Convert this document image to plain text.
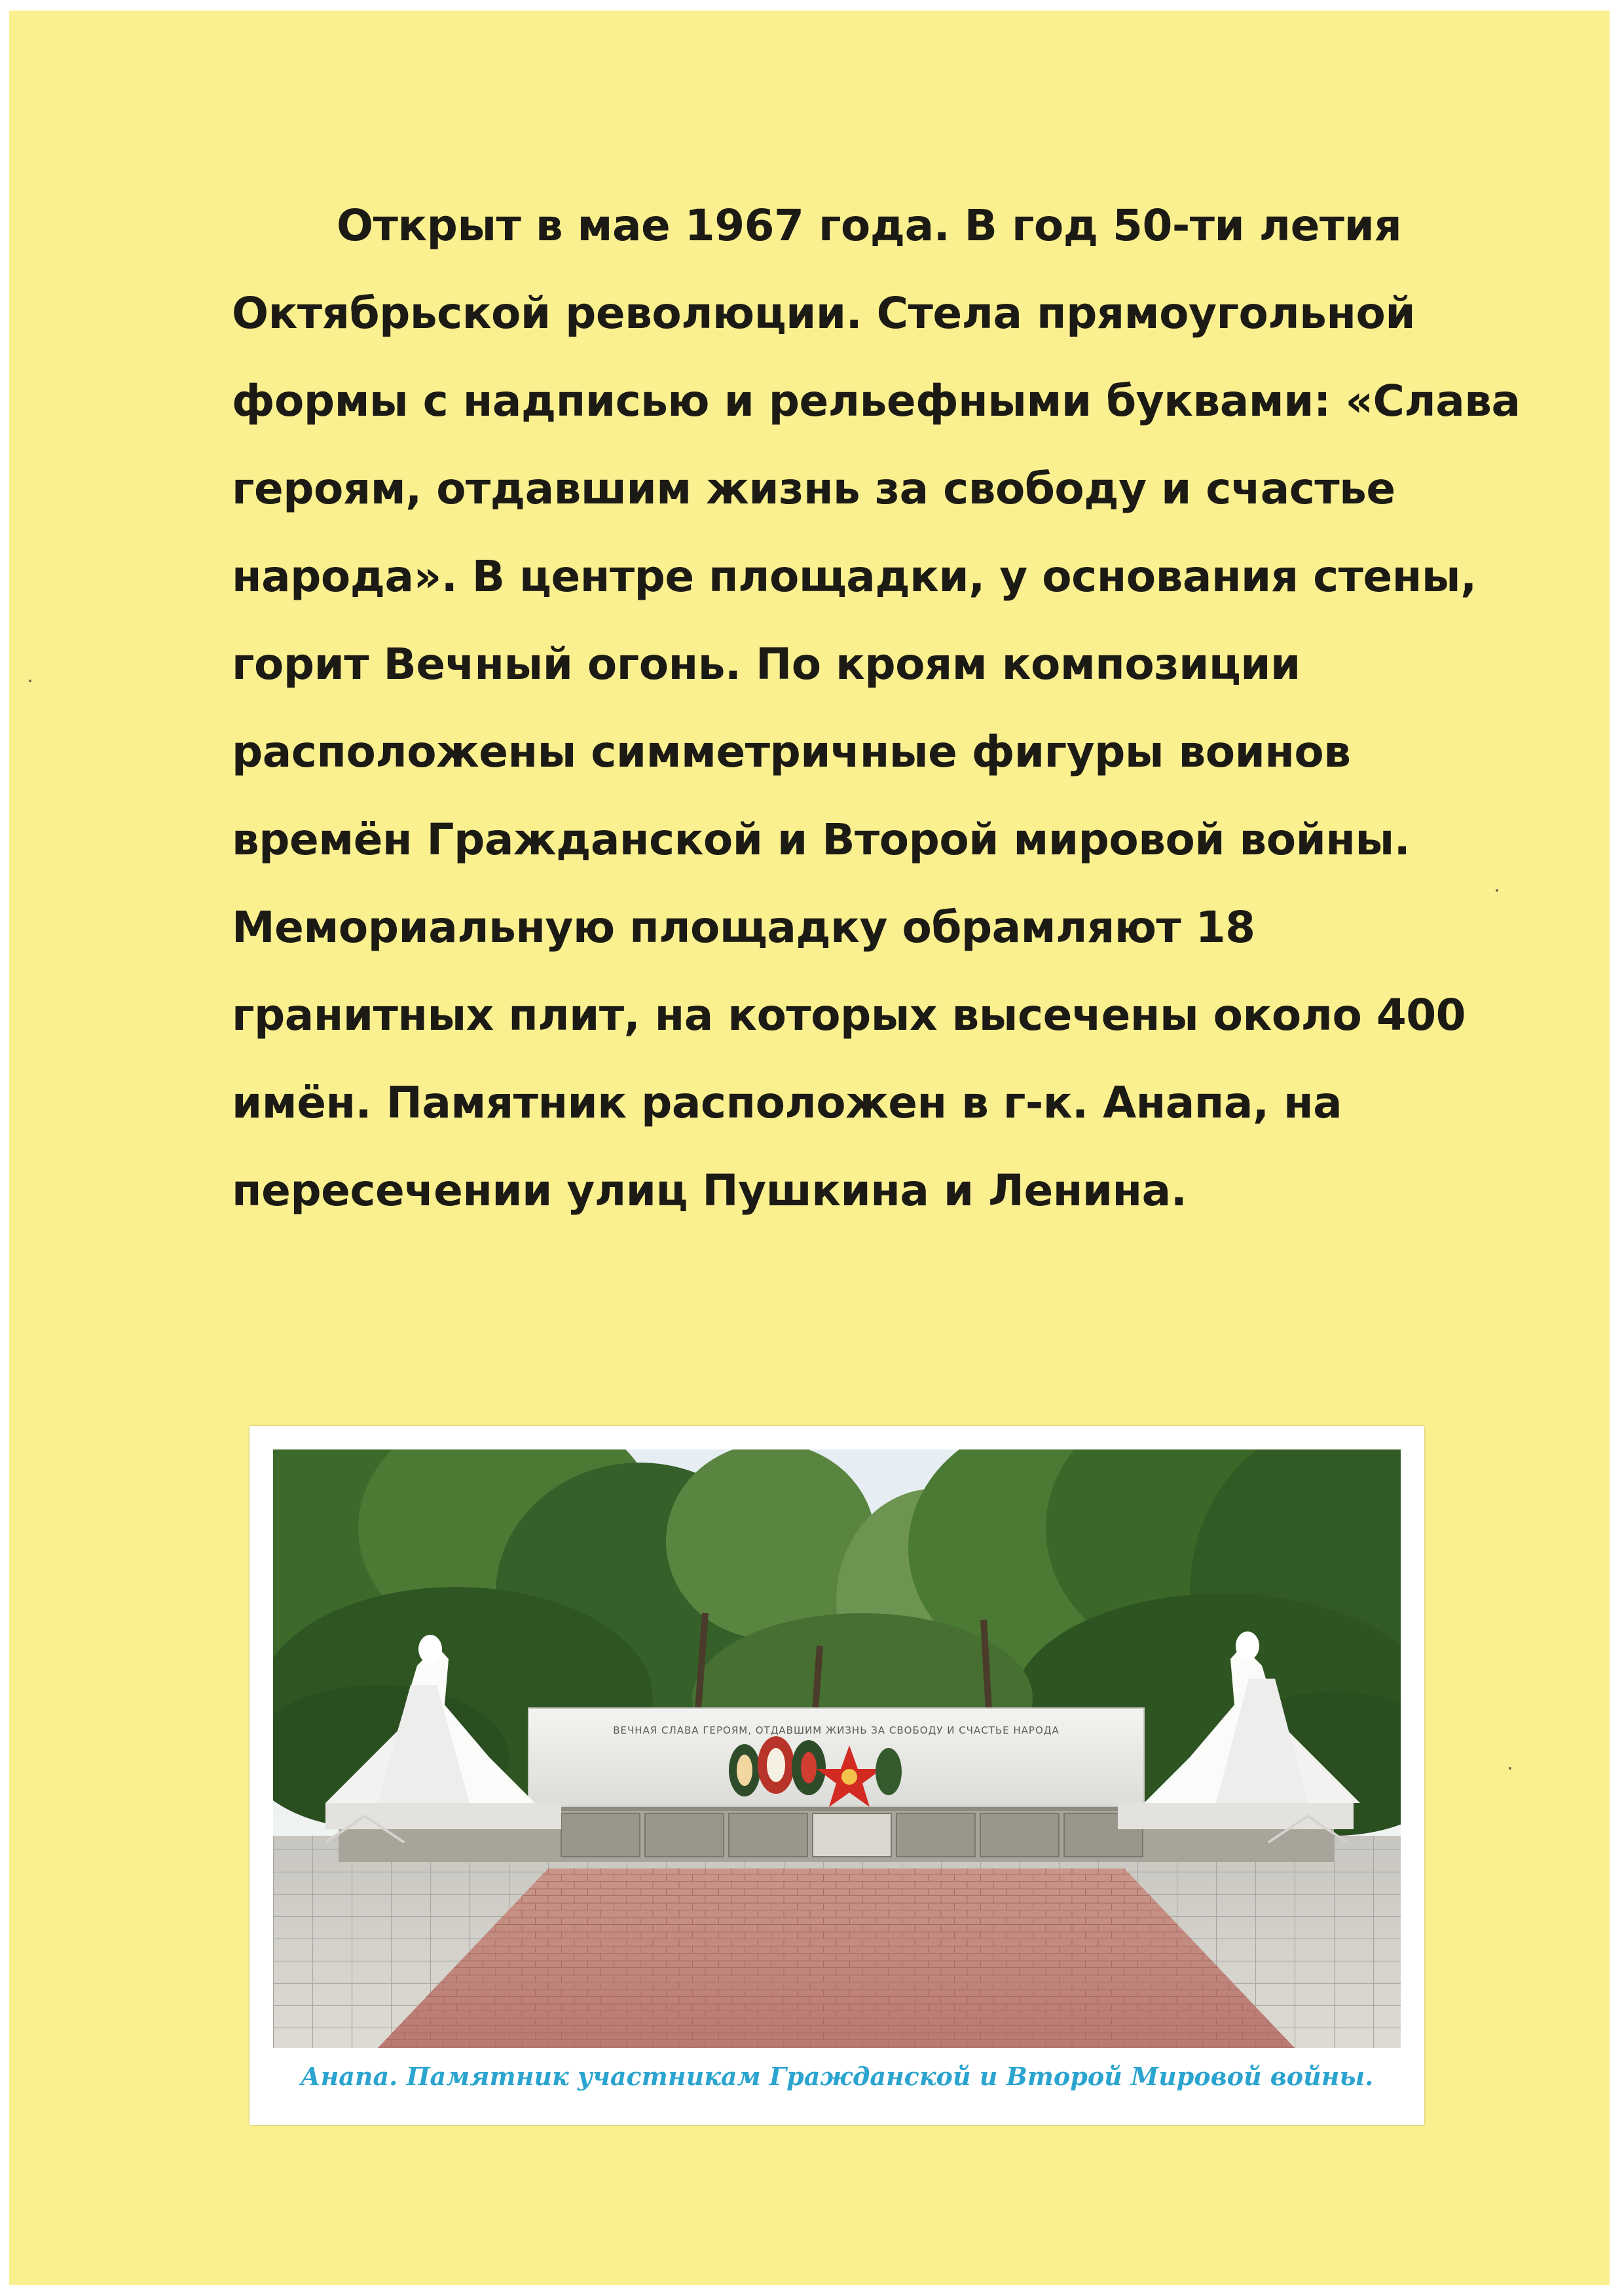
Открыт в мае 1967 года. В год 50-ти летия Октябрьской революции. Стела прямоугольной формы с надписью и рельефными буквами: «Слава героям, отдавшим жизнь за свободу и счастье народа». В центре площадки, у основания стены, горит Вечный огонь. По кроям композиции расположены симметричные фигуры воинов времён Гражданской и Второй мировой войны. Мемориальную площадку обрамляют 18 гранитных плит, на которых высечены около 400 имён. Памятник расположен в г-к. Анапа, на пересечении улиц Пушкина и Ленина.

ВЕЧНАЯ СЛАВА ГЕРОЯМ, ОТДАВШИМ ЖИЗНЬ ЗА СВОБОДУ И СЧАСТЬЕ НАРОДА

Анапа. Памятник участникам Гражданской и Второй Мировой войны.
